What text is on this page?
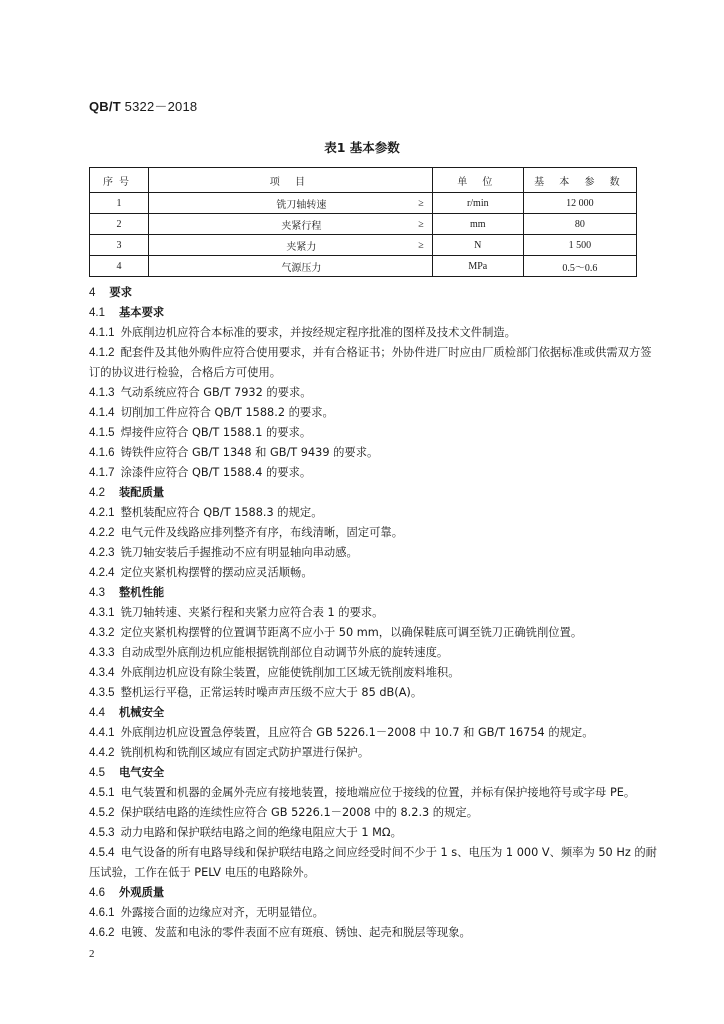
QB/T 5322－2018
表1 基本参数
序号	项 目		单 位	基 本 参 数
1	铣刀轴转速	≥	r/min	12 000
2	夹紧行程	≥	mm	80
3	夹紧力	≥	N	1 500
4	气源压力		MPa	0.5～0.6
4 要求
4.1 基本要求
4.1.1 外底削边机应符合本标准的要求，并按经规定程序批准的图样及技术文件制造。
4.1.2 配套件及其他外购件应符合使用要求，并有合格证书；外协件进厂时应由厂质检部门依据标准或供需双方签订的协议进行检验，合格后方可使用。
4.1.3 气动系统应符合 GB/T 7932 的要求。
4.1.4 切削加工件应符合 QB/T 1588.2 的要求。
4.1.5 焊接件应符合 QB/T 1588.1 的要求。
4.1.6 铸铁件应符合 GB/T 1348 和 GB/T 9439 的要求。
4.1.7 涂漆件应符合 QB/T 1588.4 的要求。
4.2 装配质量
4.2.1 整机装配应符合 QB/T 1588.3 的规定。
4.2.2 电气元件及线路应排列整齐有序，布线清晰，固定可靠。
4.2.3 铣刀轴安装后手握推动不应有明显轴向串动感。
4.2.4 定位夹紧机构摆臂的摆动应灵活顺畅。
4.3 整机性能
4.3.1 铣刀轴转速、夹紧行程和夹紧力应符合表 1 的要求。
4.3.2 定位夹紧机构摆臂的位置调节距离不应小于 50 mm，以确保鞋底可调至铣刀正确铣削位置。
4.3.3 自动成型外底削边机应能根据铣削部位自动调节外底的旋转速度。
4.3.4 外底削边机应设有除尘装置，应能使铣削加工区域无铣削废料堆积。
4.3.5 整机运行平稳，正常运转时噪声声压级不应大于 85 dB(A)。
4.4 机械安全
4.4.1 外底削边机应设置急停装置，且应符合 GB 5226.1－2008 中 10.7 和 GB/T 16754 的规定。
4.4.2 铣削机构和铣削区域应有固定式防护罩进行保护。
4.5 电气安全
4.5.1 电气装置和机器的金属外壳应有接地装置，接地端应位于接线的位置，并标有保护接地符号或字母 PE。
4.5.2 保护联结电路的连续性应符合 GB 5226.1－2008 中的 8.2.3 的规定。
4.5.3 动力电路和保护联结电路之间的绝缘电阻应大于 1 MΩ。
4.5.4 电气设备的所有电路导线和保护联结电路之间应经受时间不少于 1 s、电压为 1 000 V、频率为 50 Hz 的耐压试验，工作在低于 PELV 电压的电路除外。
4.6 外观质量
4.6.1 外露接合面的边缘应对齐，无明显错位。
4.6.2 电镀、发蓝和电泳的零件表面不应有斑痕、锈蚀、起壳和脱层等现象。
2
